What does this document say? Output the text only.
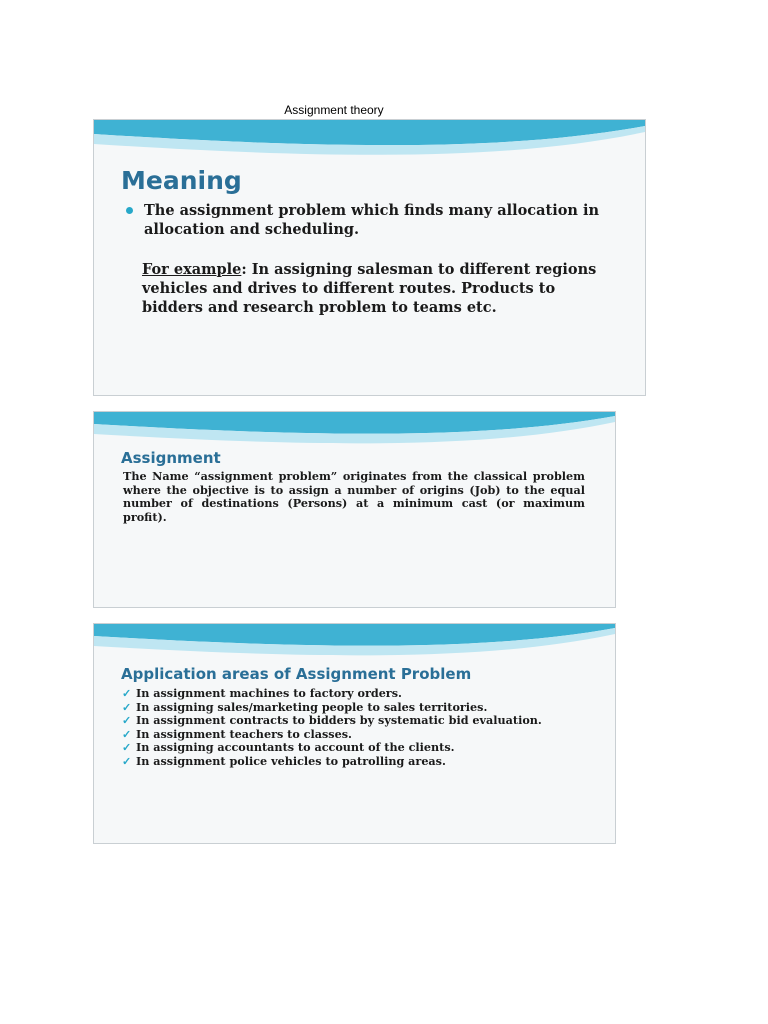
Assignment theory
Meaning
The assignment problem which finds many allocation in allocation and scheduling.
For example: In assigning salesman to different regions vehicles and drives to different routes. Products to bidders and research problem to teams etc.
Assignment
The Name “assignment problem” originates from the classical problem where the objective is to assign a number of origins (Job) to the equal number of destinations (Persons) at a minimum cast (or maximum profit).
Application areas of Assignment Problem
✓ In assignment machines to factory orders.
✓ In assigning sales/marketing people to sales territories.
✓ In assignment contracts to bidders by systematic bid evaluation.
✓ In assignment teachers to classes.
✓ In assigning accountants to account of the clients.
✓ In assignment police vehicles to patrolling areas.
